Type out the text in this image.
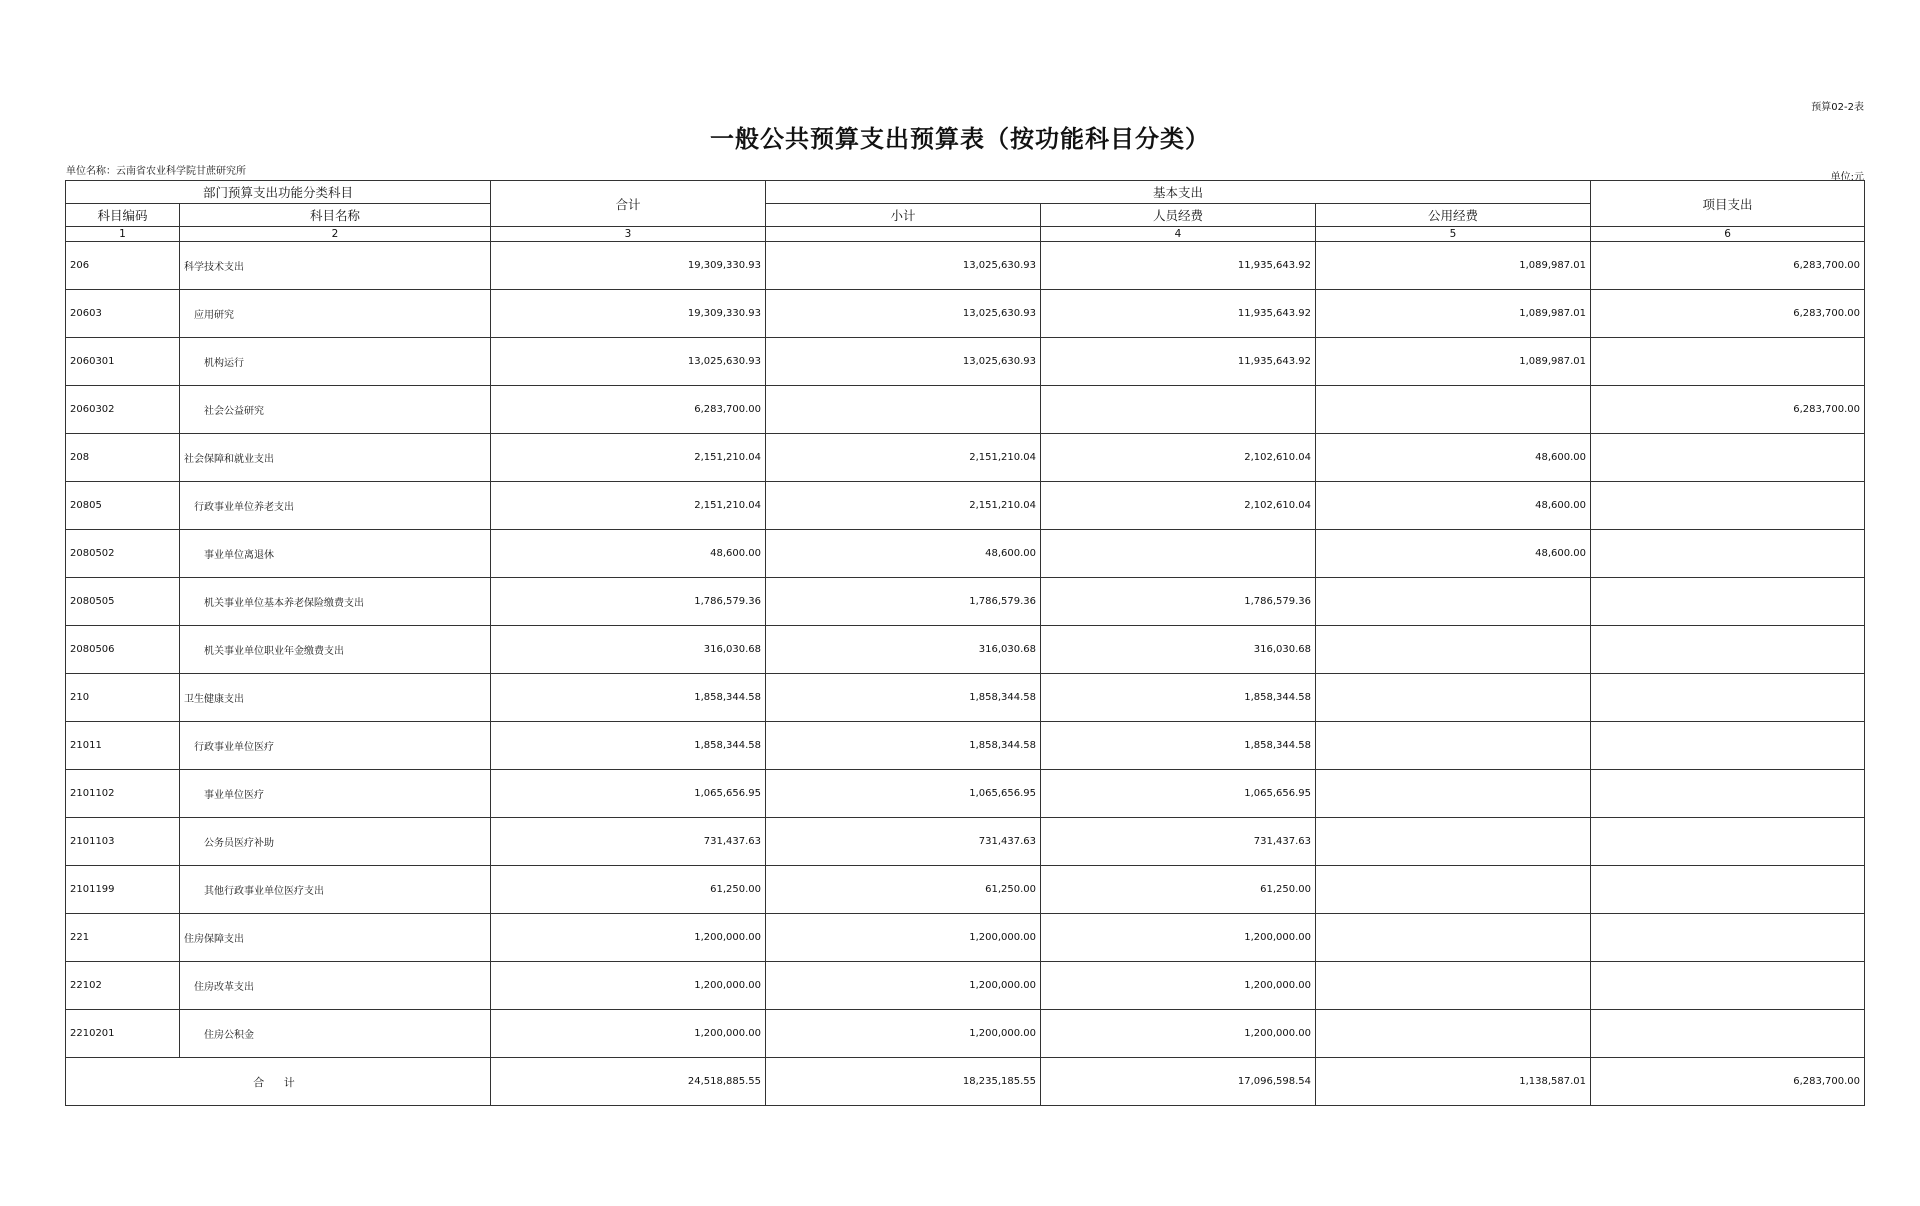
预算02-2表
一般公共预算支出预算表（按功能科目分类）
单位名称：云南省农业科学院甘蔗研究所
单位:元
部门预算支出功能分类科目		合计	基本支出			项目支出
科目编码	科目名称		小计	人员经费	公用经费	
1	2	3		4	5	6
206	科学技术支出	19,309,330.93	13,025,630.93	11,935,643.92	1,089,987.01	6,283,700.00
20603	应用研究	19,309,330.93	13,025,630.93	11,935,643.92	1,089,987.01	6,283,700.00
2060301	机构运行	13,025,630.93	13,025,630.93	11,935,643.92	1,089,987.01	
2060302	社会公益研究	6,283,700.00				6,283,700.00
208	社会保障和就业支出	2,151,210.04	2,151,210.04	2,102,610.04	48,600.00	
20805	行政事业单位养老支出	2,151,210.04	2,151,210.04	2,102,610.04	48,600.00	
2080502	事业单位离退休	48,600.00	48,600.00		48,600.00	
2080505	机关事业单位基本养老保险缴费支出	1,786,579.36	1,786,579.36	1,786,579.36		
2080506	机关事业单位职业年金缴费支出	316,030.68	316,030.68	316,030.68		
210	卫生健康支出	1,858,344.58	1,858,344.58	1,858,344.58		
21011	行政事业单位医疗	1,858,344.58	1,858,344.58	1,858,344.58		
2101102	事业单位医疗	1,065,656.95	1,065,656.95	1,065,656.95		
2101103	公务员医疗补助	731,437.63	731,437.63	731,437.63		
2101199	其他行政事业单位医疗支出	61,250.00	61,250.00	61,250.00		
221	住房保障支出	1,200,000.00	1,200,000.00	1,200,000.00		
22102	住房改革支出	1,200,000.00	1,200,000.00	1,200,000.00		
2210201	住房公积金	1,200,000.00	1,200,000.00	1,200,000.00		
合 计		24,518,885.55	18,235,185.55	17,096,598.54	1,138,587.01	6,283,700.00
